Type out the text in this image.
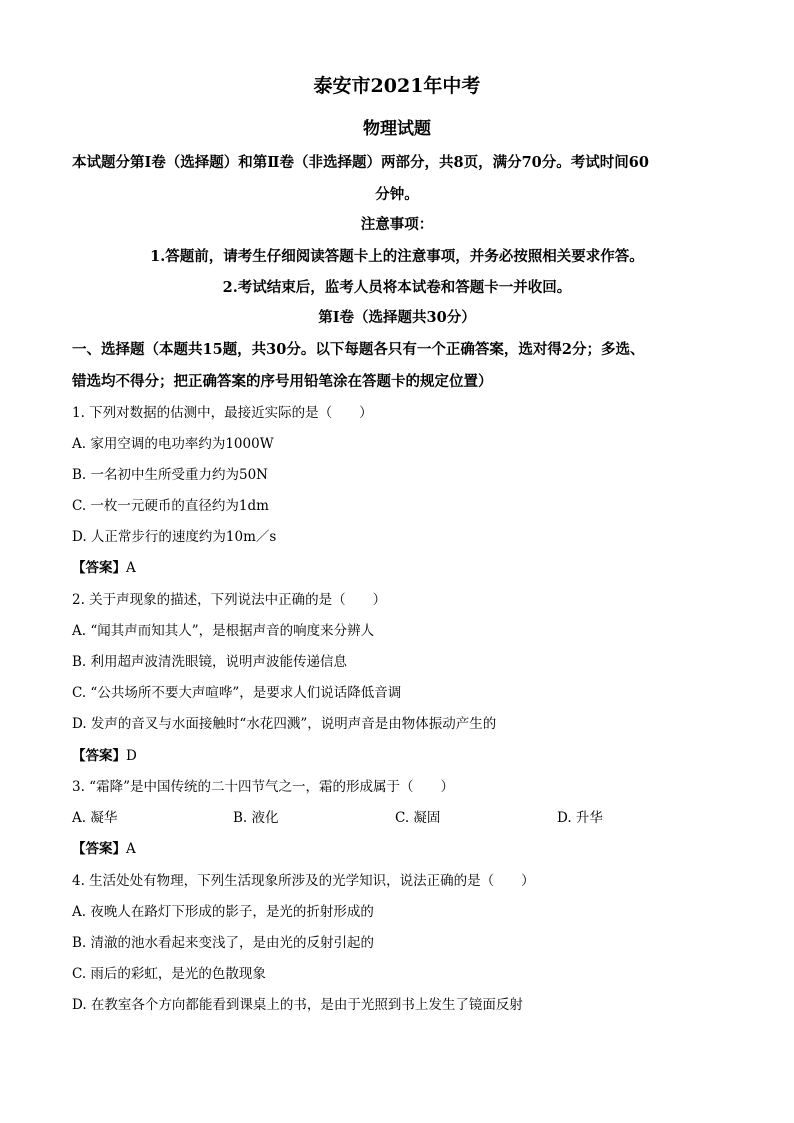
泰安市2021年中考
物理试题
本试题分第Ⅰ卷（选择题）和第Ⅱ卷（非选择题）两部分，共8页，满分70分。考试时间60
分钟。
注意事项：
1.答题前，请考生仔细阅读答题卡上的注意事项，并务必按照相关要求作答。
2.考试结束后，监考人员将本试卷和答题卡一并收回。
第Ⅰ卷（选择题共30分）
一、选择题（本题共15题，共30分。以下每题各只有一个正确答案，选对得2分；多选、
错选均不得分；把正确答案的序号用铅笔涂在答题卡的规定位置）
1. 下列对数据的估测中，最接近实际的是（　　）
A. 家用空调的电功率约为1000W
B. 一名初中生所受重力约为50N
C. 一枚一元硬币的直径约为1dm
D. 人正常步行的速度约为10m／s
【答案】A
2. 关于声现象的描述，下列说法中正确的是（　　）
A. “闻其声而知其人”，是根据声音的响度来分辨人
B. 利用超声波清洗眼镜，说明声波能传递信息
C. “公共场所不要大声喧哗”，是要求人们说话降低音调
D. 发声的音叉与水面接触时“水花四溅”，说明声音是由物体振动产生的
【答案】D
3. “霜降”是中国传统的二十四节气之一，霜的形成属于（　　）
A. 凝华	B. 液化	C. 凝固	D. 升华
【答案】A
4. 生活处处有物理，下列生活现象所涉及的光学知识，说法正确的是（　　）
A. 夜晚人在路灯下形成的影子，是光的折射形成的
B. 清澈的池水看起来变浅了，是由光的反射引起的
C. 雨后的彩虹，是光的色散现象
D. 在教室各个方向都能看到课桌上的书，是由于光照到书上发生了镜面反射
